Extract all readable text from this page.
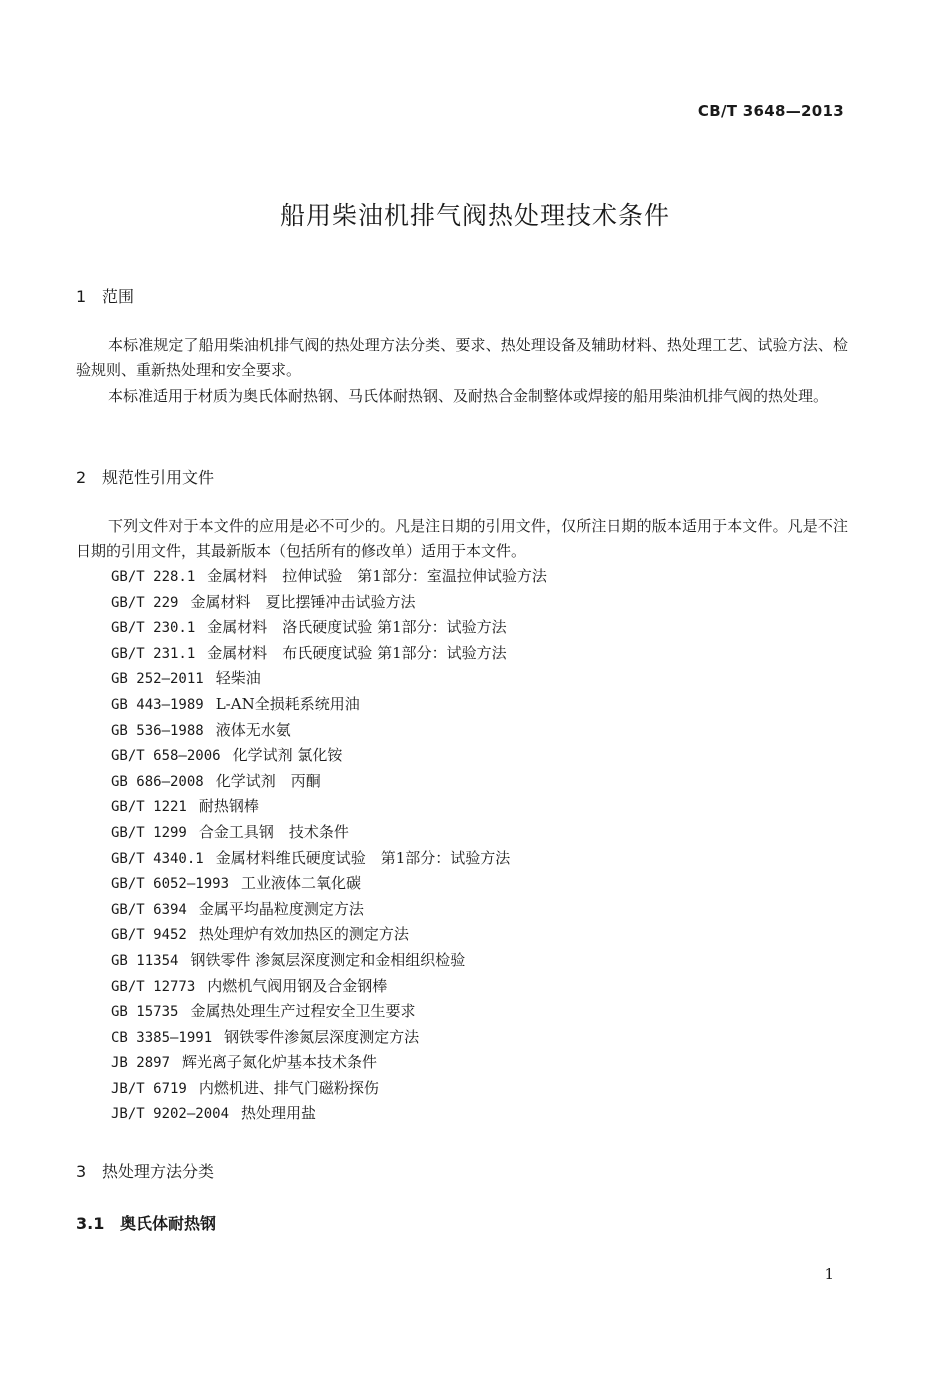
CB/T 3648—2013

船用柴油机排气阀热处理技术条件
1 范围

本标准规定了船用柴油机排气阀的热处理方法分类、要求、热处理设备及辅助材料、热处理工艺、试验方法、检验规则、重新热处理和安全要求。

本标准适用于材质为奥氏体耐热钢、马氏体耐热钢、及耐热合金制整体或焊接的船用柴油机排气阀的热处理。

2 规范性引用文件

下列文件对于本文件的应用是必不可少的。凡是注日期的引用文件，仅所注日期的版本适用于本文件。凡是不注日期的引用文件，其最新版本（包括所有的修改单）适用于本文件。

GB/T 228.1 金属材料　拉伸试验　第1部分：室温拉伸试验方法
GB/T 229 金属材料　夏比摆锤冲击试验方法
GB/T 230.1 金属材料　洛氏硬度试验 第1部分：试验方法
GB/T 231.1 金属材料　布氏硬度试验 第1部分：试验方法
GB 252—2011 轻柴油
GB 443—1989 L-AN全损耗系统用油
GB 536—1988 液体无水氨
GB/T 658—2006 化学试剂 氯化铵
GB 686—2008 化学试剂　丙酮
GB/T 1221 耐热钢棒
GB/T 1299 合金工具钢　技术条件
GB/T 4340.1 金属材料维氏硬度试验　第1部分：试验方法
GB/T 6052—1993 工业液体二氧化碳
GB/T 6394 金属平均晶粒度测定方法
GB/T 9452 热处理炉有效加热区的测定方法
GB 11354 钢铁零件 渗氮层深度测定和金相组织检验
GB/T 12773 内燃机气阀用钢及合金钢棒
GB 15735 金属热处理生产过程安全卫生要求
CB 3385—1991 钢铁零件渗氮层深度测定方法
JB 2897 辉光离子氮化炉基本技术条件
JB/T 6719 内燃机进、排气门磁粉探伤
JB/T 9202—2004 热处理用盐
3 热处理方法分类
3.1 奥氏体耐热钢

1
